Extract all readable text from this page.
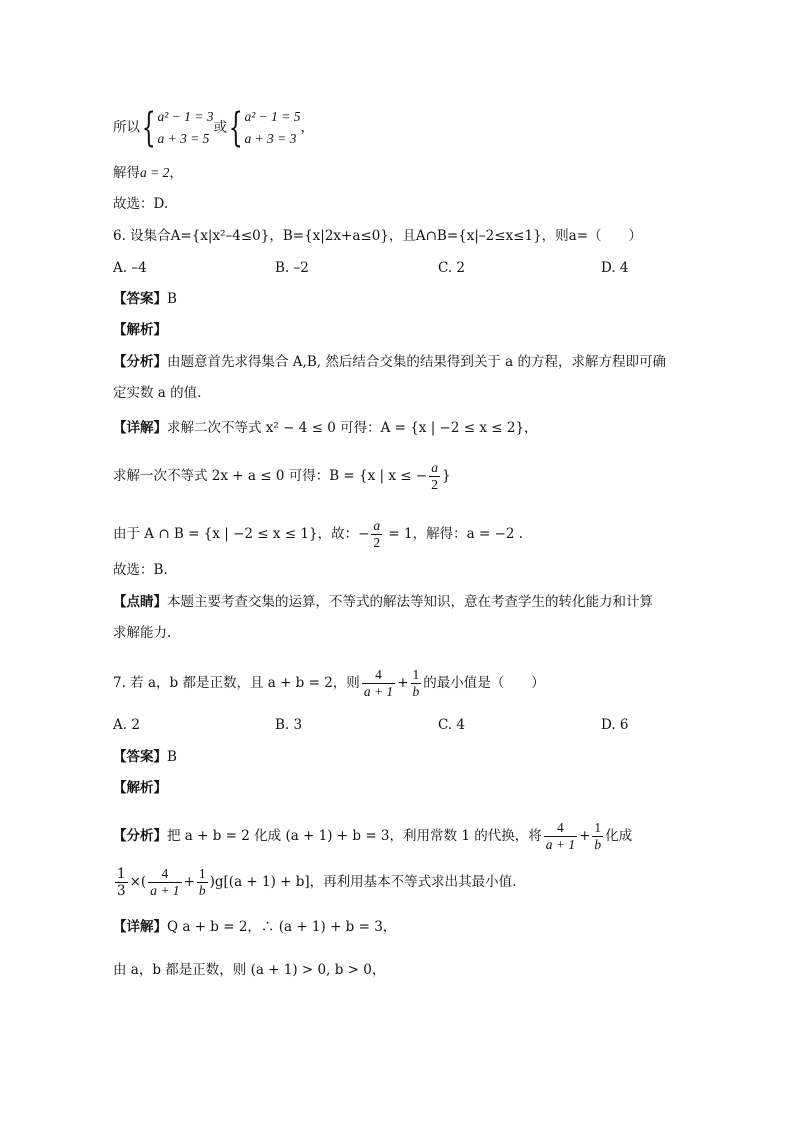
所以{ a² − 1 = 3
a + 3 = 5
或{ a² − 1 = 5
a + 3 = 3
，
解得a = 2，
故选：D.
6. 设集合A={x|x²–4≤0}，B={x|2x+a≤0}，且A∩B={x|–2≤x≤1}，则a=（　　）
A. –4	B. –2	C. 2	D. 4
【答案】B
【解析】
【分析】由题意首先求得集合 A,B, 然后结合交集的结果得到关于 a 的方程，求解方程即可确
定实数 a 的值.
【详解】求解二次不等式 x² − 4 ≤ 0 可得：A = {x | −2 ≤ x ≤ 2}，
求解一次不等式 2x + a ≤ 0 可得：B = {x | x ≤ − $\frac{a}{2}$ }
由于 A ∩ B = {x | −2 ≤ x ≤ 1}，故：− $\frac{a}{2} = 1$，解得：a = −2 .
故选：B.
【点睛】本题主要考查交集的运算，不等式的解法等知识，意在考查学生的转化能力和计算
求解能力.
7. 若 a，b 都是正数，且 a + b = 2，则 $\frac{4}{a + 1} + \frac{1}{b}$ 的最小值是（　　）
A. 2	B. 3	C. 4	D. 6
【答案】B
【解析】
【分析】把 a + b = 2 化成 (a + 1) + b = 3，利用常数 1 的代换，将 $\frac{4}{a + 1} + \frac{1}{b}$ 化成
$\frac{1}{3}$ ×( $\frac{4}{a + 1} + \frac{1}{b} )g[(a + 1) + b]$，再利用基本不等式求出其最小值.
【详解】Q a + b = 2，∴ (a + 1) + b = 3，
由 a，b 都是正数，则 (a + 1) > 0, b > 0，
